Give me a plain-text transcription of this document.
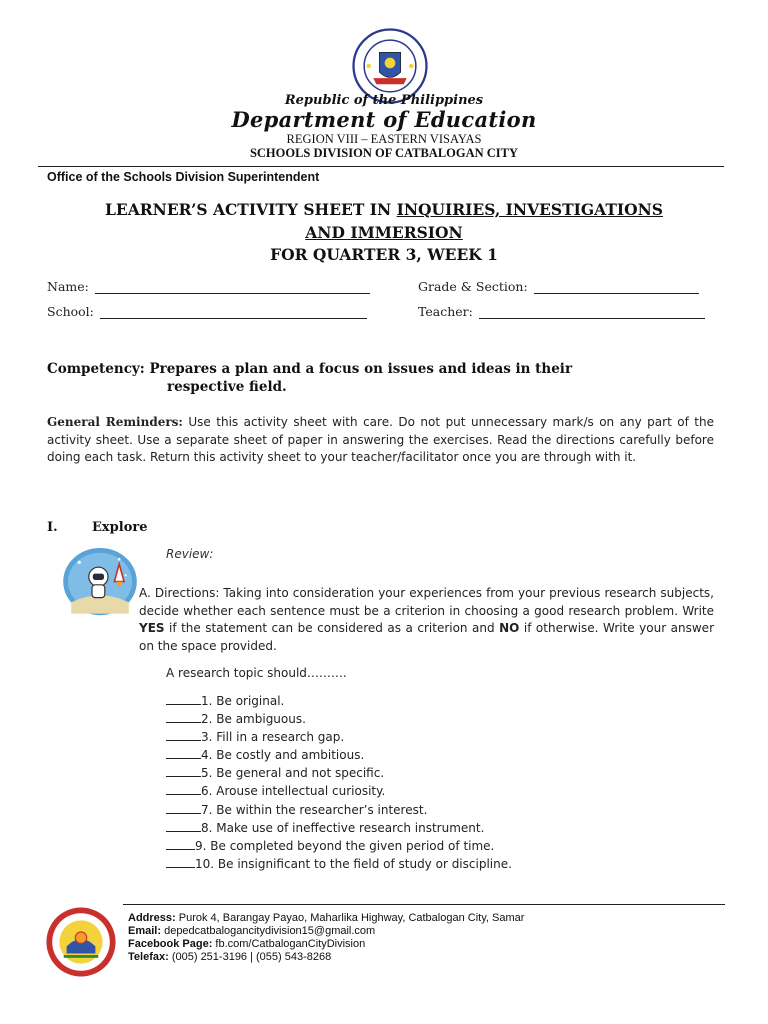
Republic of the Philippines
Department of Education
REGION VIII – EASTERN VISAYAS
SCHOOLS DIVISION OF CATBALOGAN CITY
Office of the Schools Division Superintendent
LEARNER’S ACTIVITY SHEET IN INQUIRIES, INVESTIGATIONS
AND IMMERSION
FOR QUARTER 3, WEEK 1
Name:	Grade & Section:
School:	Teacher:
Competency: Prepares a plan and a focus on issues and ideas in their
respective field.
General Reminders: Use this activity sheet with care. Do not put unnecessary mark/s on any part of the activity sheet. Use a separate sheet of paper in answering the exercises. Read the directions carefully before doing each task. Return this activity sheet to your teacher/facilitator once you are through with it.
I.	Explore
Review:
A. Directions: Taking into consideration your experiences from your previous research subjects, decide whether each sentence must be a criterion in choosing a good research problem. Write YES if the statement can be considered as a criterion and NO if otherwise. Write your answer on the space provided.
A research topic should……….
1. Be original.
2. Be ambiguous.
3. Fill in a research gap.
4. Be costly and ambitious.
5. Be general and not specific.
6. Arouse intellectual curiosity.
7. Be within the researcher’s interest.
8. Make use of ineffective research instrument.
9. Be completed beyond the given period of time.
10. Be insignificant to the field of study or discipline.
Address: Purok 4, Barangay Payao, Maharlika Highway, Catbalogan City, Samar
Email: depedcatbalogancitydivision15@gmail.com
Facebook Page: fb.com/CatbaloganCityDivision
Telefax: (005) 251-3196 | (055) 543-8268
